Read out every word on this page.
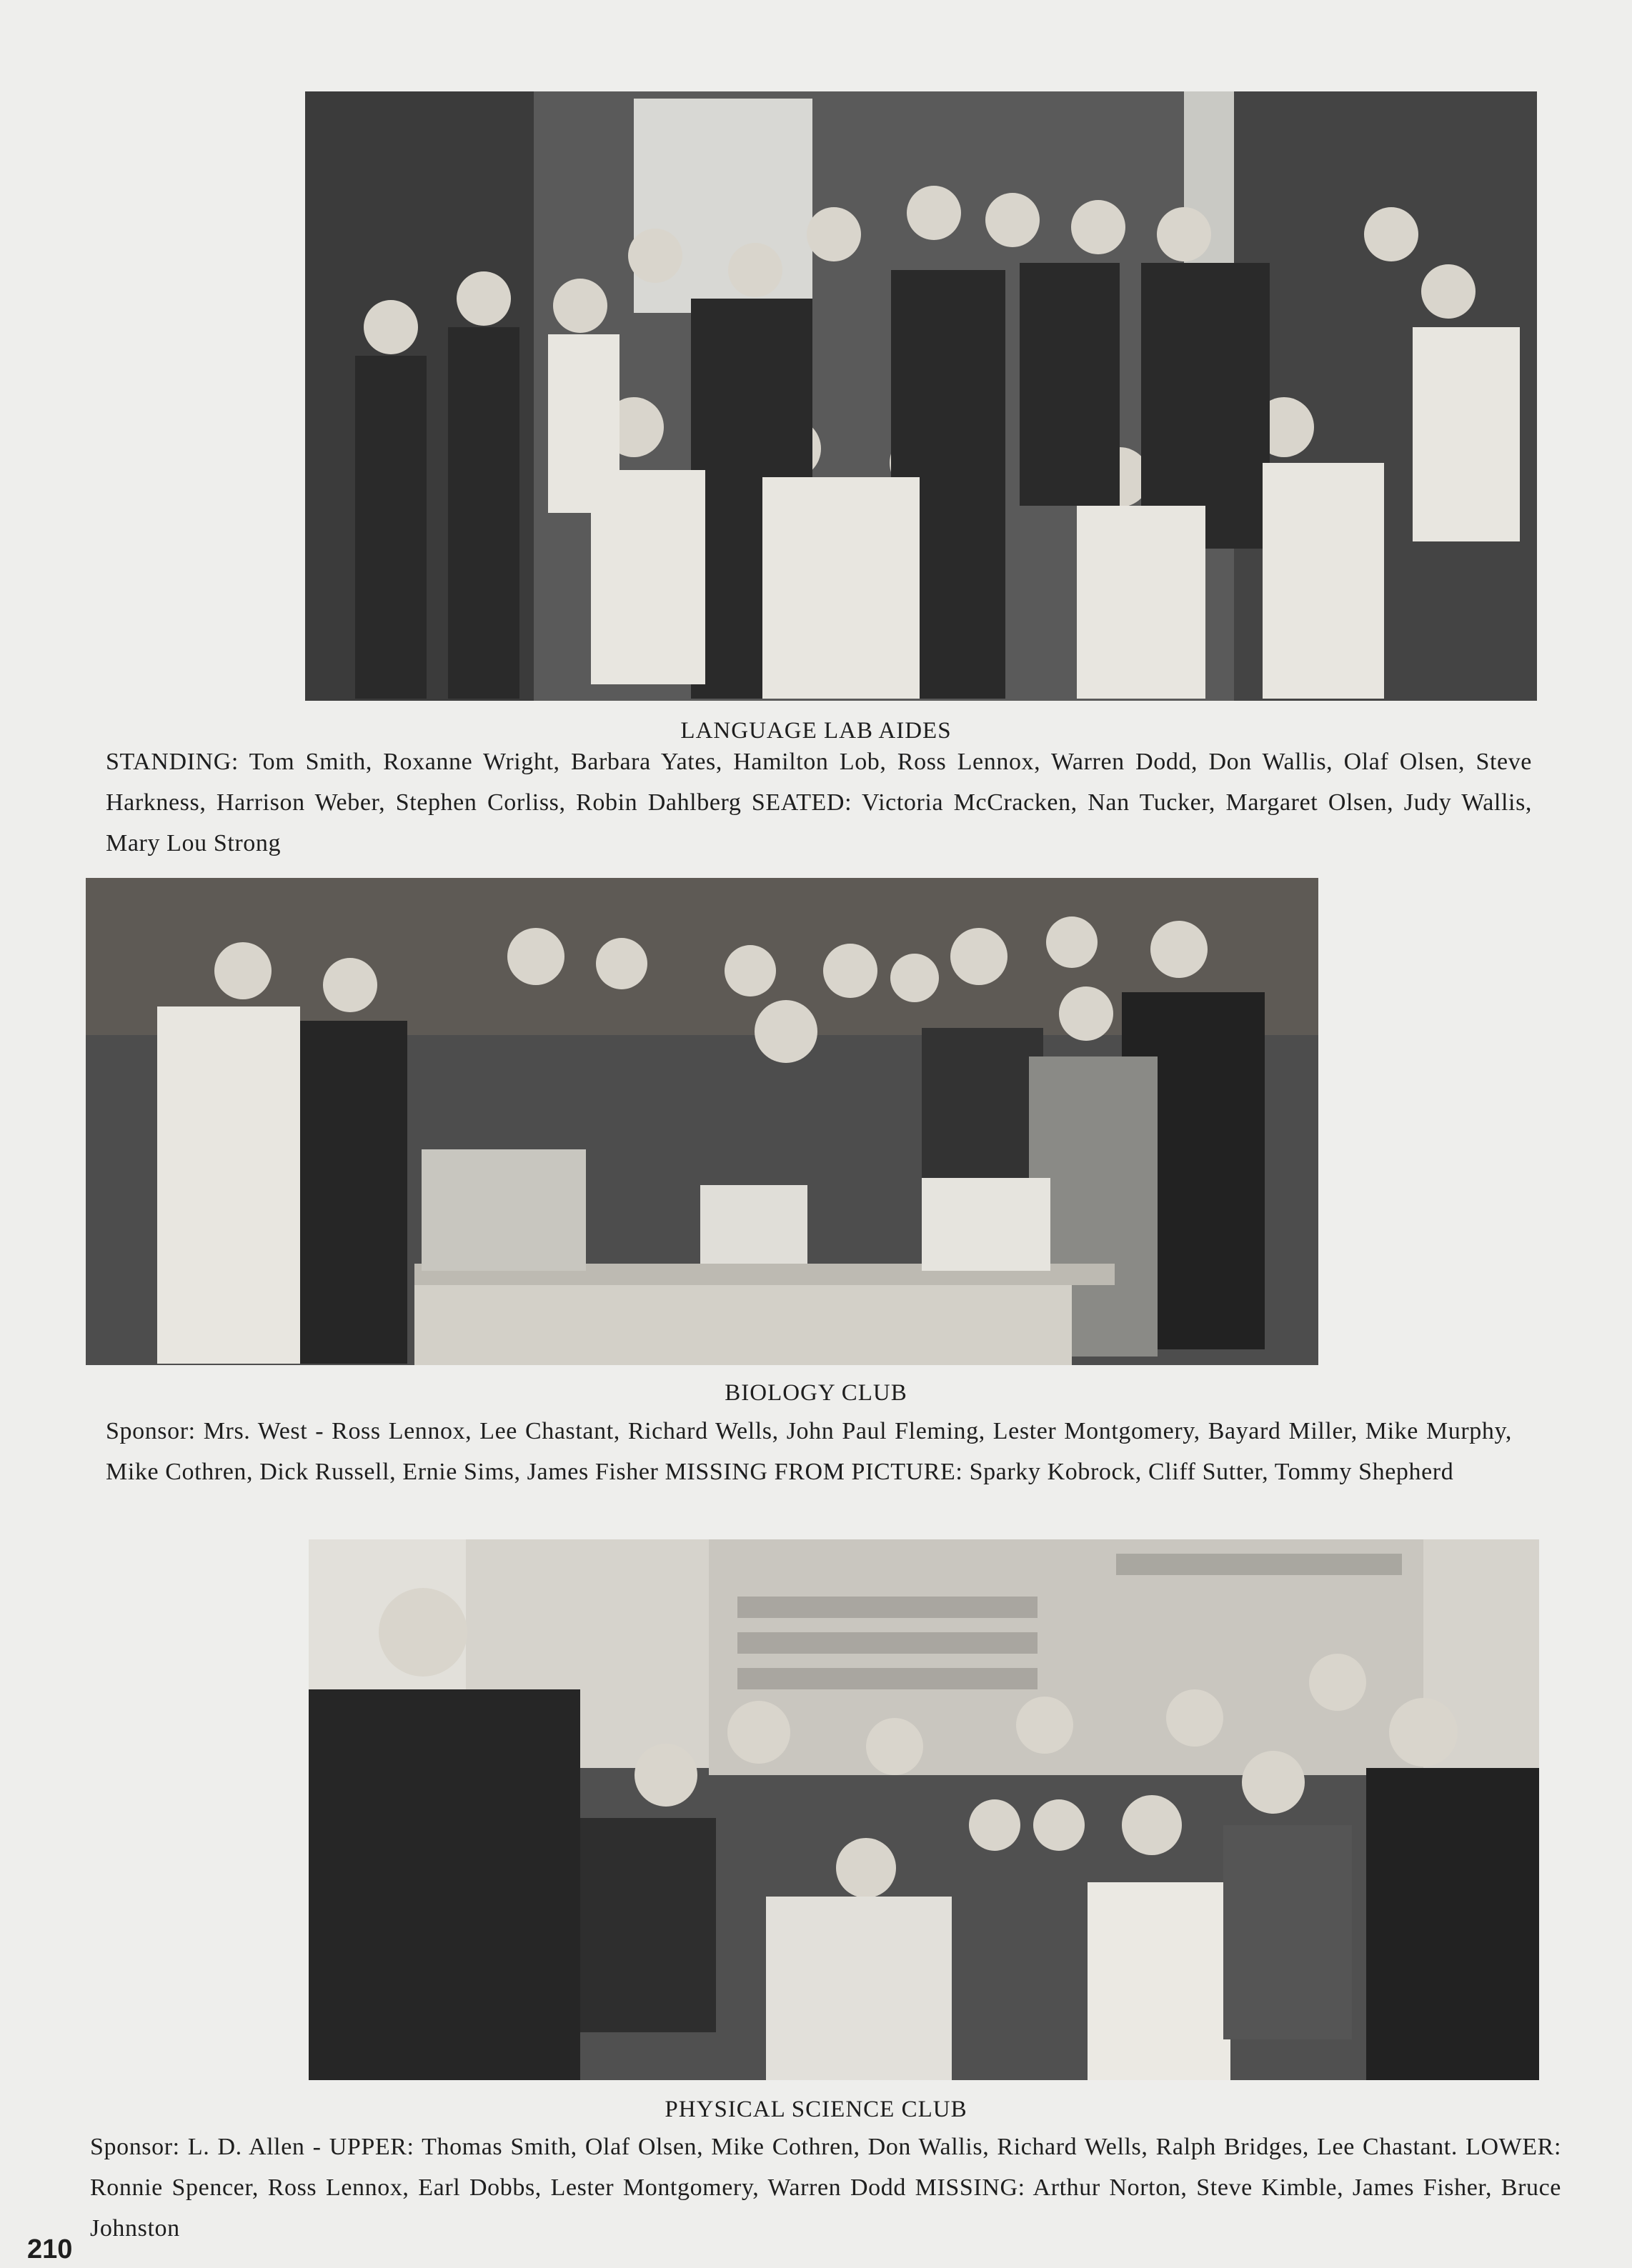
LANGUAGE LAB AIDES
STANDING: Tom Smith, Roxanne Wright, Barbara Yates, Hamilton Lob, Ross Lennox, Warren Dodd, Don Wallis, Olaf Olsen, Steve Harkness, Harrison Weber, Stephen Corliss, Robin Dahlberg SEATED: Victoria McCracken, Nan Tucker, Margaret Olsen, Judy Wallis, Mary Lou Strong
BIOLOGY CLUB
Sponsor: Mrs. West - Ross Lennox, Lee Chastant, Richard Wells, John Paul Fleming, Lester Montgomery, Bayard Miller, Mike Murphy, Mike Cothren, Dick Russell, Ernie Sims, James Fisher MISSING FROM PICTURE: Sparky Kobrock, Cliff Sutter, Tommy Shepherd
PHYSICAL SCIENCE CLUB
Sponsor: L. D. Allen - UPPER: Thomas Smith, Olaf Olsen, Mike Cothren, Don Wallis, Richard Wells, Ralph Bridges, Lee Chastant. LOWER: Ronnie Spencer, Ross Lennox, Earl Dobbs, Lester Montgomery, Warren Dodd MISSING: Arthur Norton, Steve Kimble, James Fisher, Bruce Johnston
210
